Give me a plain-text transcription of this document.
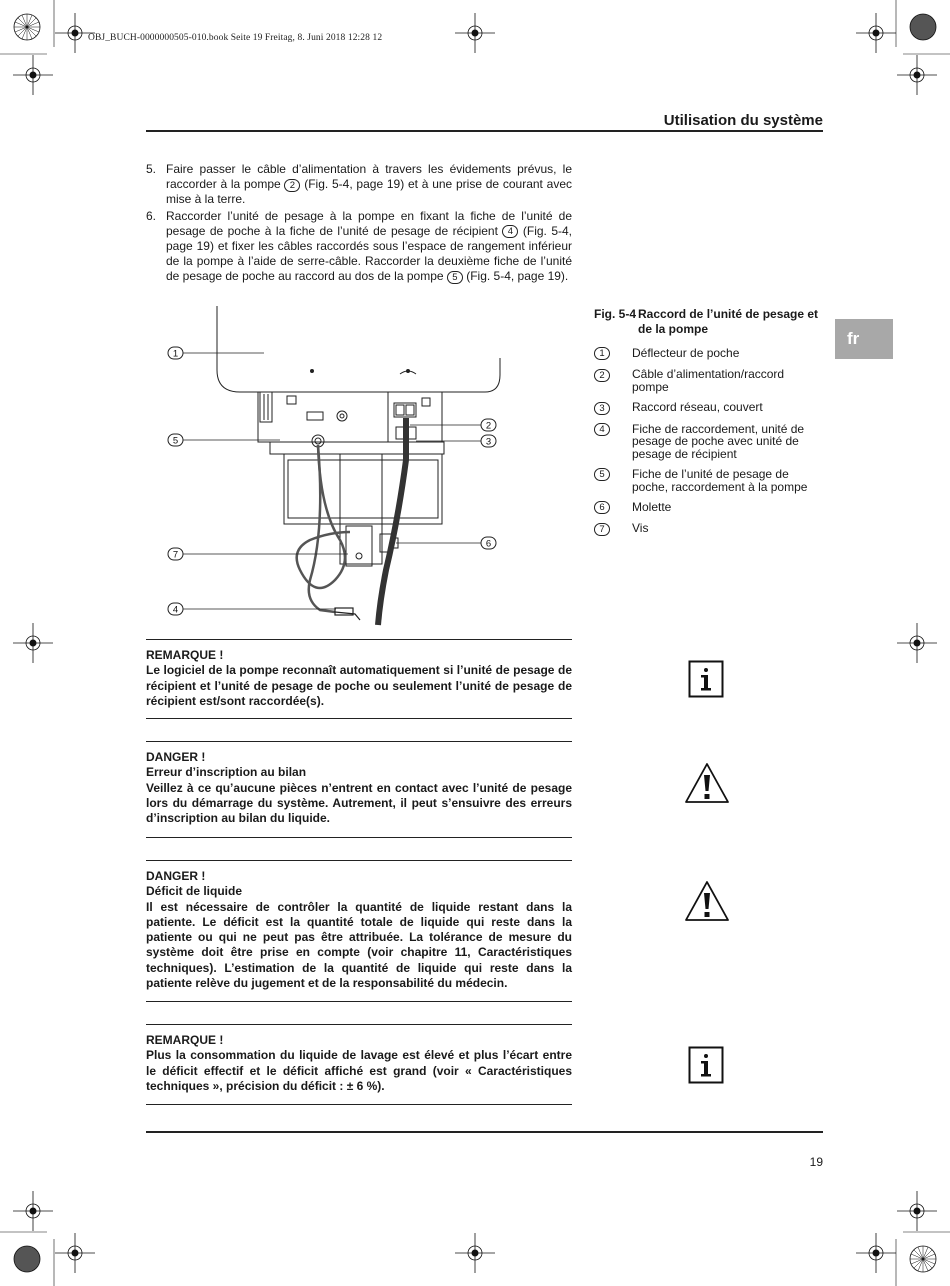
OBJ_BUCH-0000000505-010.book Seite 19 Freitag, 8. Juni 2018 12:28 12
Utilisation du système
fr
5. Faire passer le câble d’alimentation à travers les évidements prévus, le raccorder à la pompe 2 (Fig. 5-4, page 19) et à une prise de courant avec mise à la terre.
6. Raccorder l’unité de pesage à la pompe en fixant la fiche de l’unité de pesage de poche à la fiche de l’unité de pesage de récipient 4 (Fig. 5-4, page 19) et fixer les câbles raccordés sous l’espace de rangement inférieur de la pompe à l’aide de serre-câble. Raccorder la deuxième fiche de l’unité de pesage de poche au raccord au dos de la pompe 5 (Fig. 5-4, page 19).
1
5
7
4
2
3
6
Fig. 5-4 Raccord de l’unité de pesage et de la pompe
1	Déflecteur de poche
2	Câble d’alimentation/raccord pompe
3	Raccord réseau, couvert
4	Fiche de raccordement, unité de pesage de poche avec unité de pesage de récipient
5	Fiche de l’unité de pesage de poche, raccordement à la pompe
6	Molette
7	Vis
REMARQUE !
Le logiciel de la pompe reconnaît automatiquement si l’unité de pesage de récipient et l’unité de pesage de poche ou seulement l’unité de pesage de récipient est/sont raccordée(s).
DANGER !
Erreur d’inscription au bilan
Veillez à ce qu’aucune pièces n’entrent en contact avec l’unité de pesage lors du démarrage du système. Autrement, il peut s’ensuivre des erreurs d’inscription au bilan du liquide.
DANGER !
Déficit de liquide
Il est nécessaire de contrôler la quantité de liquide restant dans la patiente. Le déficit est la quantité totale de liquide qui reste dans la patiente ou qui ne peut pas être attribuée. La tolérance de mesure du système doit être prise en compte (voir chapitre 11, Caractéristiques techniques). L’estimation de la quantité de liquide qui reste dans la patiente relève du jugement et de la responsabilité du médecin.
REMARQUE !
Plus la consommation du liquide de lavage est élevé et plus l’écart entre le déficit effectif et le déficit affiché est grand (voir « Caractéristiques techniques », précision du déficit : ± 6 %).
19
